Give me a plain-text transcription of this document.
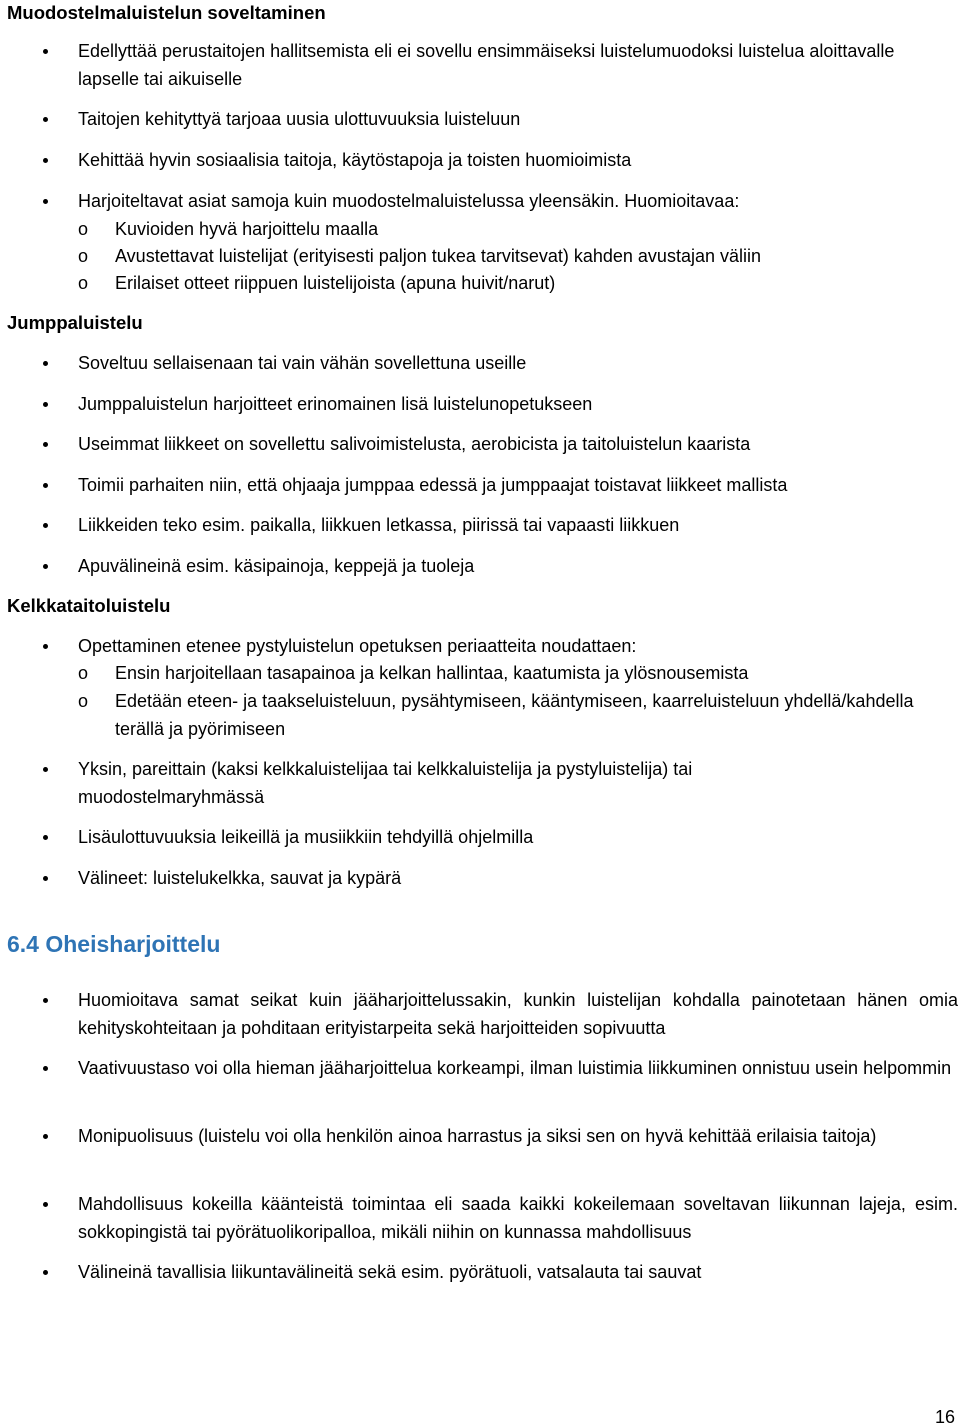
Muodostelmaluistelun soveltaminen
Edellyttää perustaitojen hallitsemista eli ei sovellu ensimmäiseksi luistelumuodoksi luistelua aloittavalle lapselle tai aikuiselle
Taitojen kehityttyä tarjoaa uusia ulottuvuuksia luisteluun
Kehittää hyvin sosiaalisia taitoja, käytöstapoja ja toisten huomioimista
Harjoiteltavat asiat samoja kuin muodostelmaluistelussa yleensäkin. Huomioitavaa:
o Kuvioiden hyvä harjoittelu maalla
o Avustettavat luistelijat (erityisesti paljon tukea tarvitsevat) kahden avustajan väliin
o Erilaiset otteet riippuen luistelijoista (apuna huivit/narut)
Jumppaluistelu
Soveltuu sellaisenaan tai vain vähän sovellettuna useille
Jumppaluistelun harjoitteet erinomainen lisä luistelunopetukseen
Useimmat liikkeet on sovellettu salivoimistelusta, aerobicista ja taitoluistelun kaarista
Toimii parhaiten niin, että ohjaaja jumppaa edessä ja jumppaajat toistavat liikkeet mallista
Liikkeiden teko esim. paikalla, liikkuen letkassa, piirissä tai vapaasti liikkuen
Apuvälineinä esim. käsipainoja, keppejä ja tuoleja
Kelkkataitoluistelu
Opettaminen etenee pystyluistelun opetuksen periaatteita noudattaen:
o Ensin harjoitellaan tasapainoa ja kelkan hallintaa, kaatumista ja ylösnousemista
o Edetään eteen- ja taakseluisteluun, pysähtymiseen, kääntymiseen, kaarreluisteluun yhdellä/kahdella terällä ja pyörimiseen
Yksin, pareittain (kaksi kelkkaluistelijaa tai kelkkaluistelija ja pystyluistelija) tai muodostelmaryhmässä
Lisäulottuvuuksia leikeillä ja musiikkiin tehdyillä ohjelmilla
Välineet: luistelukelkka, sauvat ja kypärä
6.4 Oheisharjoittelu
Huomioitava samat seikat kuin jääharjoittelussakin, kunkin luistelijan kohdalla painotetaan hänen omia kehityskohteitaan ja pohditaan erityistarpeita sekä harjoitteiden sopivuutta
Vaativuustaso voi olla hieman jääharjoittelua korkeampi, ilman luistimia liikkuminen onnistuu usein helpommin
Monipuolisuus (luistelu voi olla henkilön ainoa harrastus ja siksi sen on hyvä kehittää erilaisia taitoja)
Mahdollisuus kokeilla käänteistä toimintaa eli saada kaikki kokeilemaan soveltavan liikunnan lajeja, esim. sokkopingistä tai pyörätuolikoripalloa, mikäli niihin on kunnassa mahdollisuus
Välineinä tavallisia liikuntavälineitä sekä esim. pyörätuoli, vatsalauta tai sauvat
16
